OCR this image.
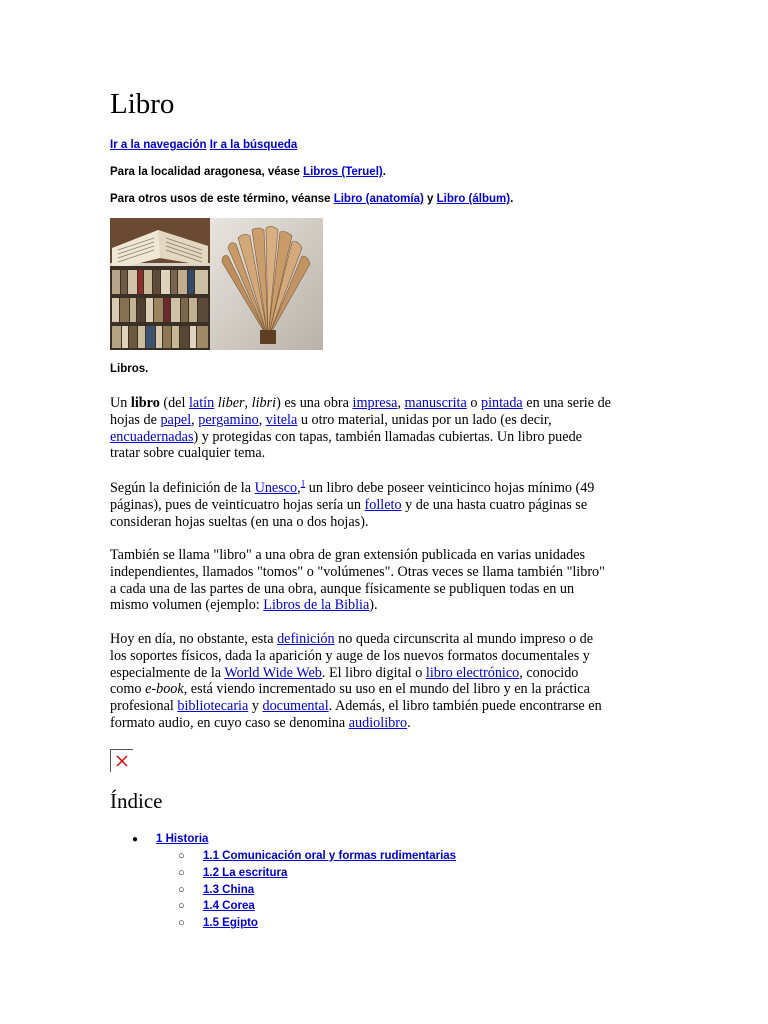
Libro
Ir a la navegación Ir a la búsqueda
Para la localidad aragonesa, véase Libros (Teruel).
Para otros usos de este término, véanse Libro (anatomía) y Libro (álbum).
Libros.
Un libro (del latín liber, libri) es una obra impresa, manuscrita o pintada en una serie de
hojas de papel, pergamino, vitela u otro material, unidas por un lado (es decir,
encuadernadas) y protegidas con tapas, también llamadas cubiertas. Un libro puede
tratar sobre cualquier tema.
Según la definición de la Unesco,$^1$ un libro debe poseer veinticinco hojas mínimo (49
páginas), pues de veinticuatro hojas sería un folleto y de una hasta cuatro páginas se
consideran hojas sueltas (en una o dos hojas).
También se llama "libro" a una obra de gran extensión publicada en varias unidades
independientes, llamados "tomos" o "volúmenes". Otras veces se llama también "libro"
a cada una de las partes de una obra, aunque físicamente se publiquen todas en un
mismo volumen (ejemplo: Libros de la Biblia).
Hoy en día, no obstante, esta definición no queda circunscrita al mundo impreso o de
los soportes físicos, dada la aparición y auge de los nuevos formatos documentales y
especialmente de la World Wide Web. El libro digital o libro electrónico, conocido
como e-book, está viendo incrementado su uso en el mundo del libro y en la práctica
profesional bibliotecaria y documental. Además, el libro también puede encontrarse en
formato audio, en cuyo caso se denomina audiolibro.
Índice
● 1 Historia
○ 1.1 Comunicación oral y formas rudimentarias
○ 1.2 La escritura
○ 1.3 China
○ 1.4 Corea
○ 1.5 Egipto
